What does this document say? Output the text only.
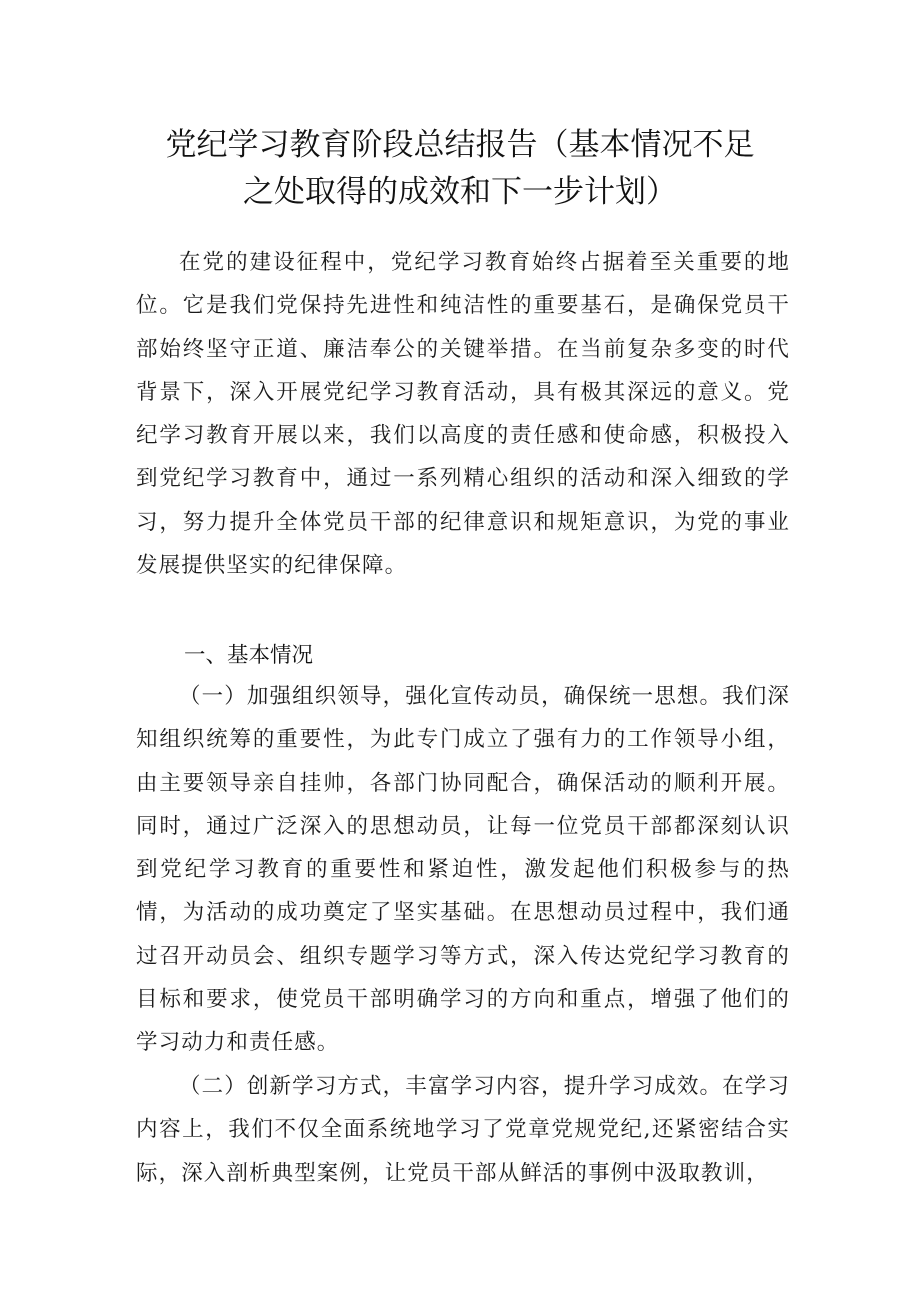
党纪学习教育阶段总结报告（基本情况不足
之处取得的成效和下一步计划）

在党的建设征程中，党纪学习教育始终占据着至关重要的地位。它是我们党保持先进性和纯洁性的重要基石，是确保党员干部始终坚守正道、廉洁奉公的关键举措。在当前复杂多变的时代背景下，深入开展党纪学习教育活动，具有极其深远的意义。党纪学习教育开展以来，我们以高度的责任感和使命感，积极投入到党纪学习教育中，通过一系列精心组织的活动和深入细致的学习，努力提升全体党员干部的纪律意识和规矩意识，为党的事业发展提供坚实的纪律保障。

一、基本情况

（一）加强组织领导，强化宣传动员，确保统一思想。我们深知组织统筹的重要性，为此专门成立了强有力的工作领导小组，由主要领导亲自挂帅，各部门协同配合，确保活动的顺利开展。同时，通过广泛深入的思想动员，让每一位党员干部都深刻认识到党纪学习教育的重要性和紧迫性，激发起他们积极参与的热情，为活动的成功奠定了坚实基础。在思想动员过程中，我们通过召开动员会、组织专题学习等方式，深入传达党纪学习教育的目标和要求，使党员干部明确学习的方向和重点，增强了他们的学习动力和责任感。

（二）创新学习方式，丰富学习内容，提升学习成效。在学习内容上，我们不仅全面系统地学习了党章党规党纪,还紧密结合实际，深入剖析典型案例，让党员干部从鲜活的事例中汲取教训，
